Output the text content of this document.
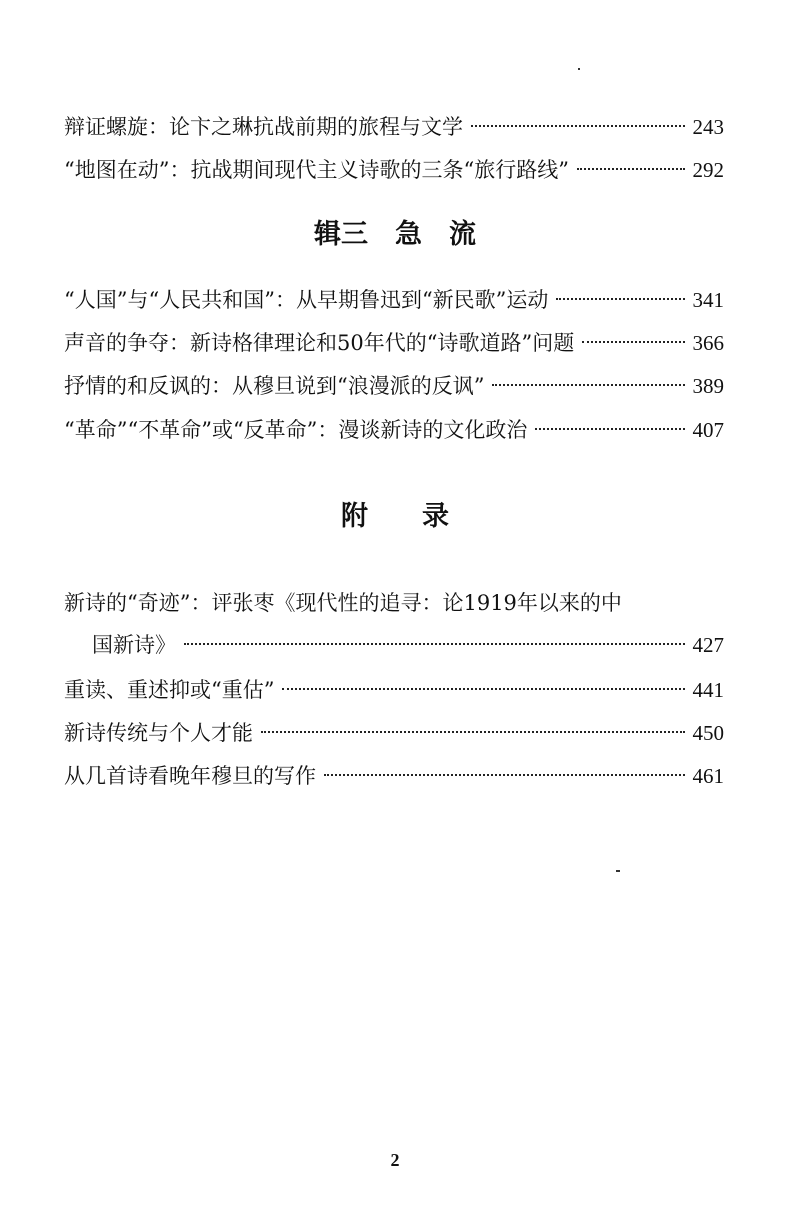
辩证螺旋：论卞之琳抗战前期的旅程与文学	243
“地图在动”：抗战期间现代主义诗歌的三条“旅行路线”	292
辑三　急　流
“人国”与“人民共和国”：从早期鲁迅到“新民歌”运动	341
声音的争夺：新诗格律理论和50年代的“诗歌道路”问题	366
抒情的和反讽的：从穆旦说到“浪漫派的反讽”	389
“革命”“不革命”或“反革命”：漫谈新诗的文化政治	407
附　　录
新诗的“奇迹”：评张枣《现代性的追寻：论1919年以来的中
国新诗》	427
重读、重述抑或“重估”	441
新诗传统与个人才能	450
从几首诗看晚年穆旦的写作	461
2
